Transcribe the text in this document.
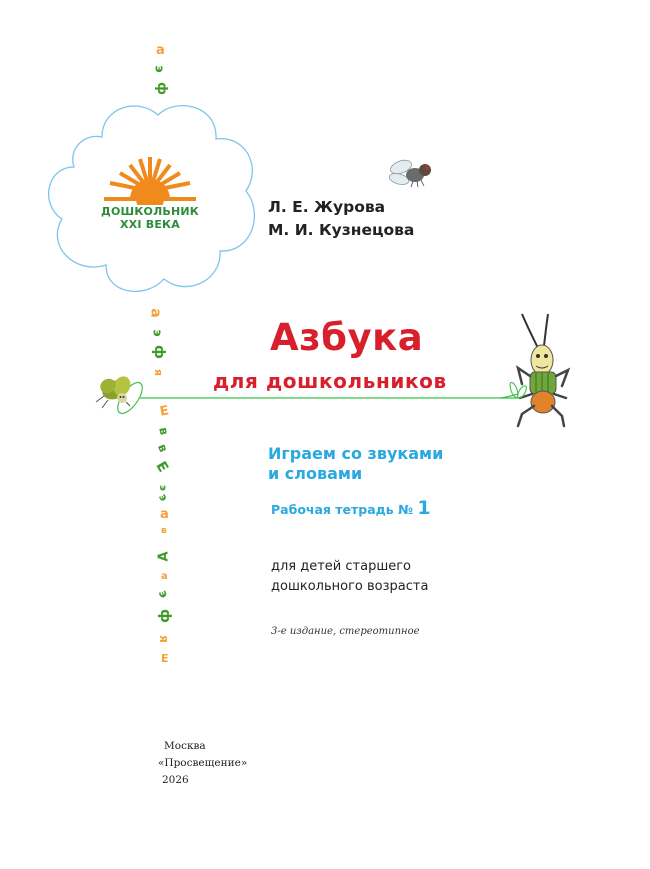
а
э
ф
ДОШКОЛЬНИК
XXI ВЕКА
Л. Е. Журова
М. И. Кузнецова
а
э
ф
я
Е
в
в
Е
э
э
а
в
А
а
э
ф
я
Е
Азбука
для дошкольников
Играем со звуками
и словами
Рабочая тетрадь № 1
для детей старшего
дошкольного возраста
3-е издание, стереотипное
Москва
«Просвещение»
2026
